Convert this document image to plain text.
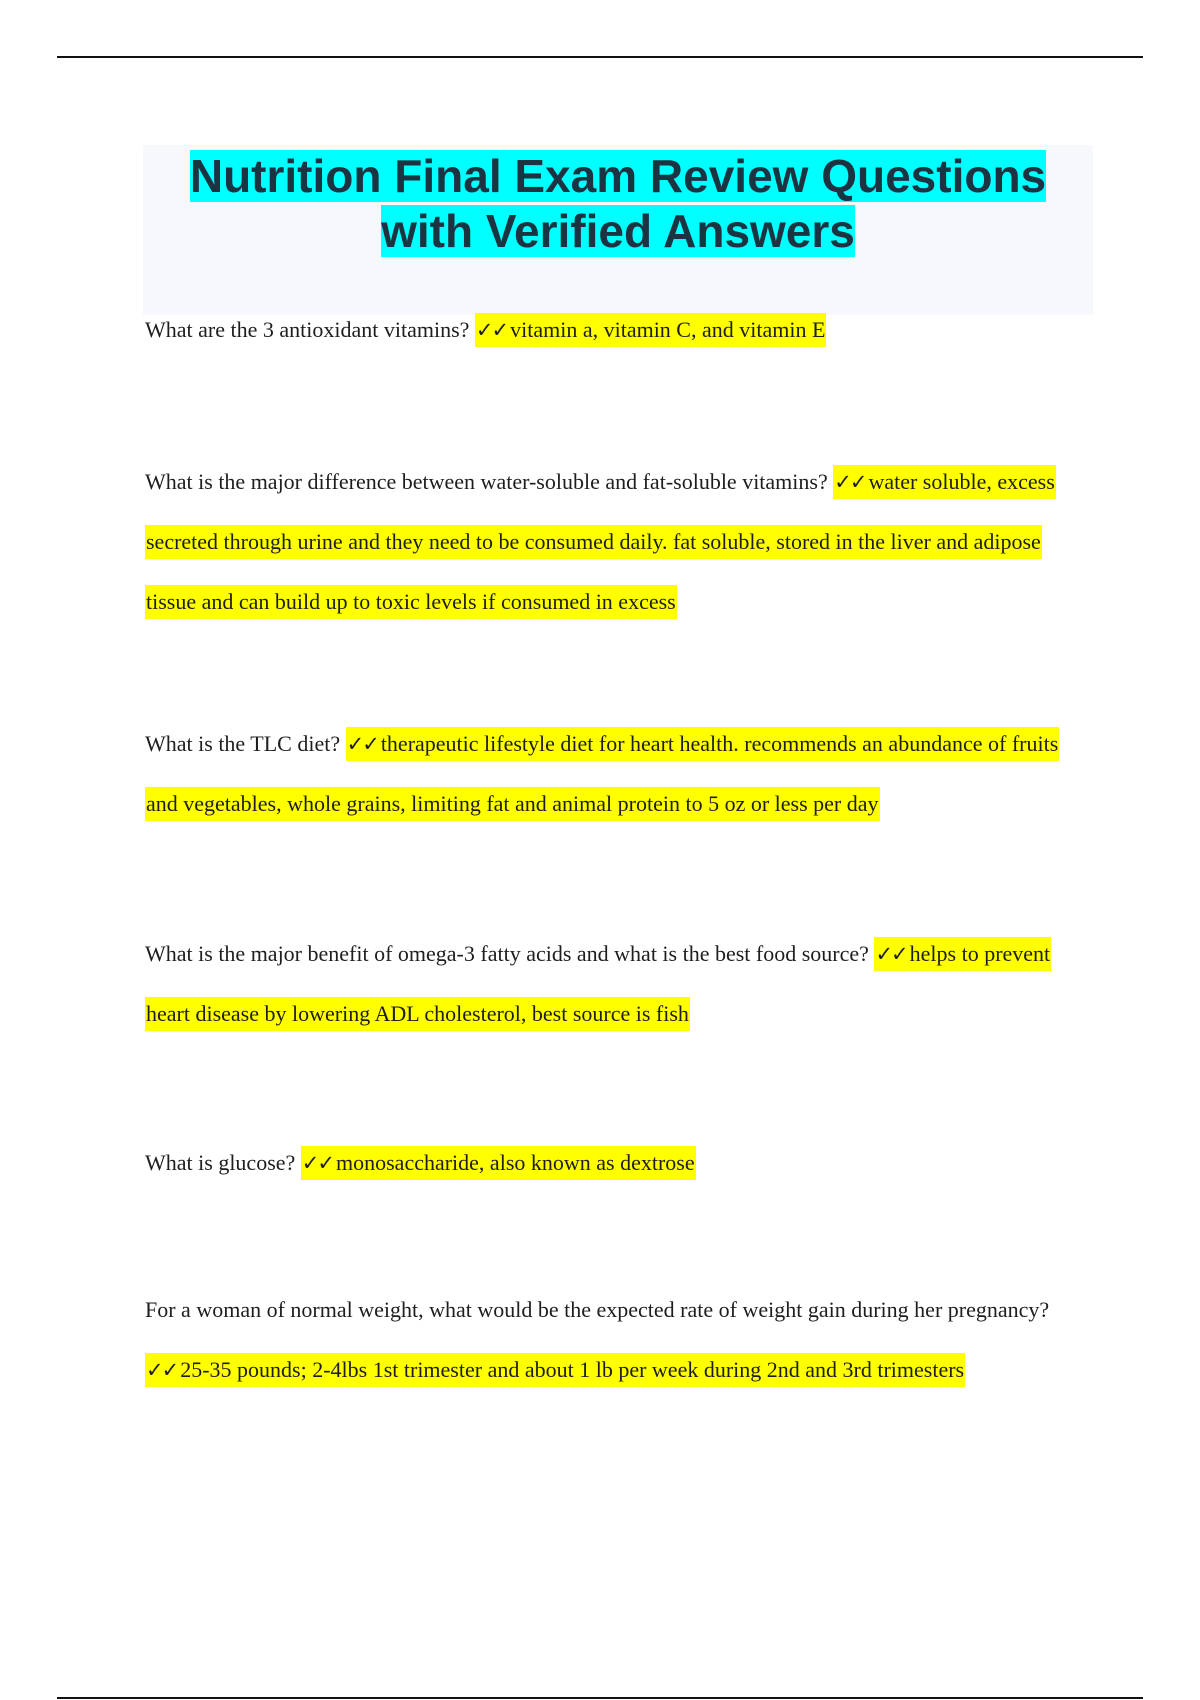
Nutrition Final Exam Review Questions with Verified Answers

What are the 3 antioxidant vitamins? ✓✓ vitamin a, vitamin C, and vitamin E

What is the major difference between water-soluble and fat-soluble vitamins? ✓✓ water soluble, excess secreted through urine and they need to be consumed daily. fat soluble, stored in the liver and adipose tissue and can build up to toxic levels if consumed in excess

What is the TLC diet? ✓✓ therapeutic lifestyle diet for heart health. recommends an abundance of fruits and vegetables, whole grains, limiting fat and animal protein to 5 oz or less per day

What is the major benefit of omega-3 fatty acids and what is the best food source? ✓✓ helps to prevent heart disease by lowering ADL cholesterol, best source is fish

What is glucose? ✓✓ monosaccharide, also known as dextrose

For a woman of normal weight, what would be the expected rate of weight gain during her pregnancy? ✓✓ 25-35 pounds; 2-4lbs 1st trimester and about 1 lb per week during 2nd and 3rd trimesters
